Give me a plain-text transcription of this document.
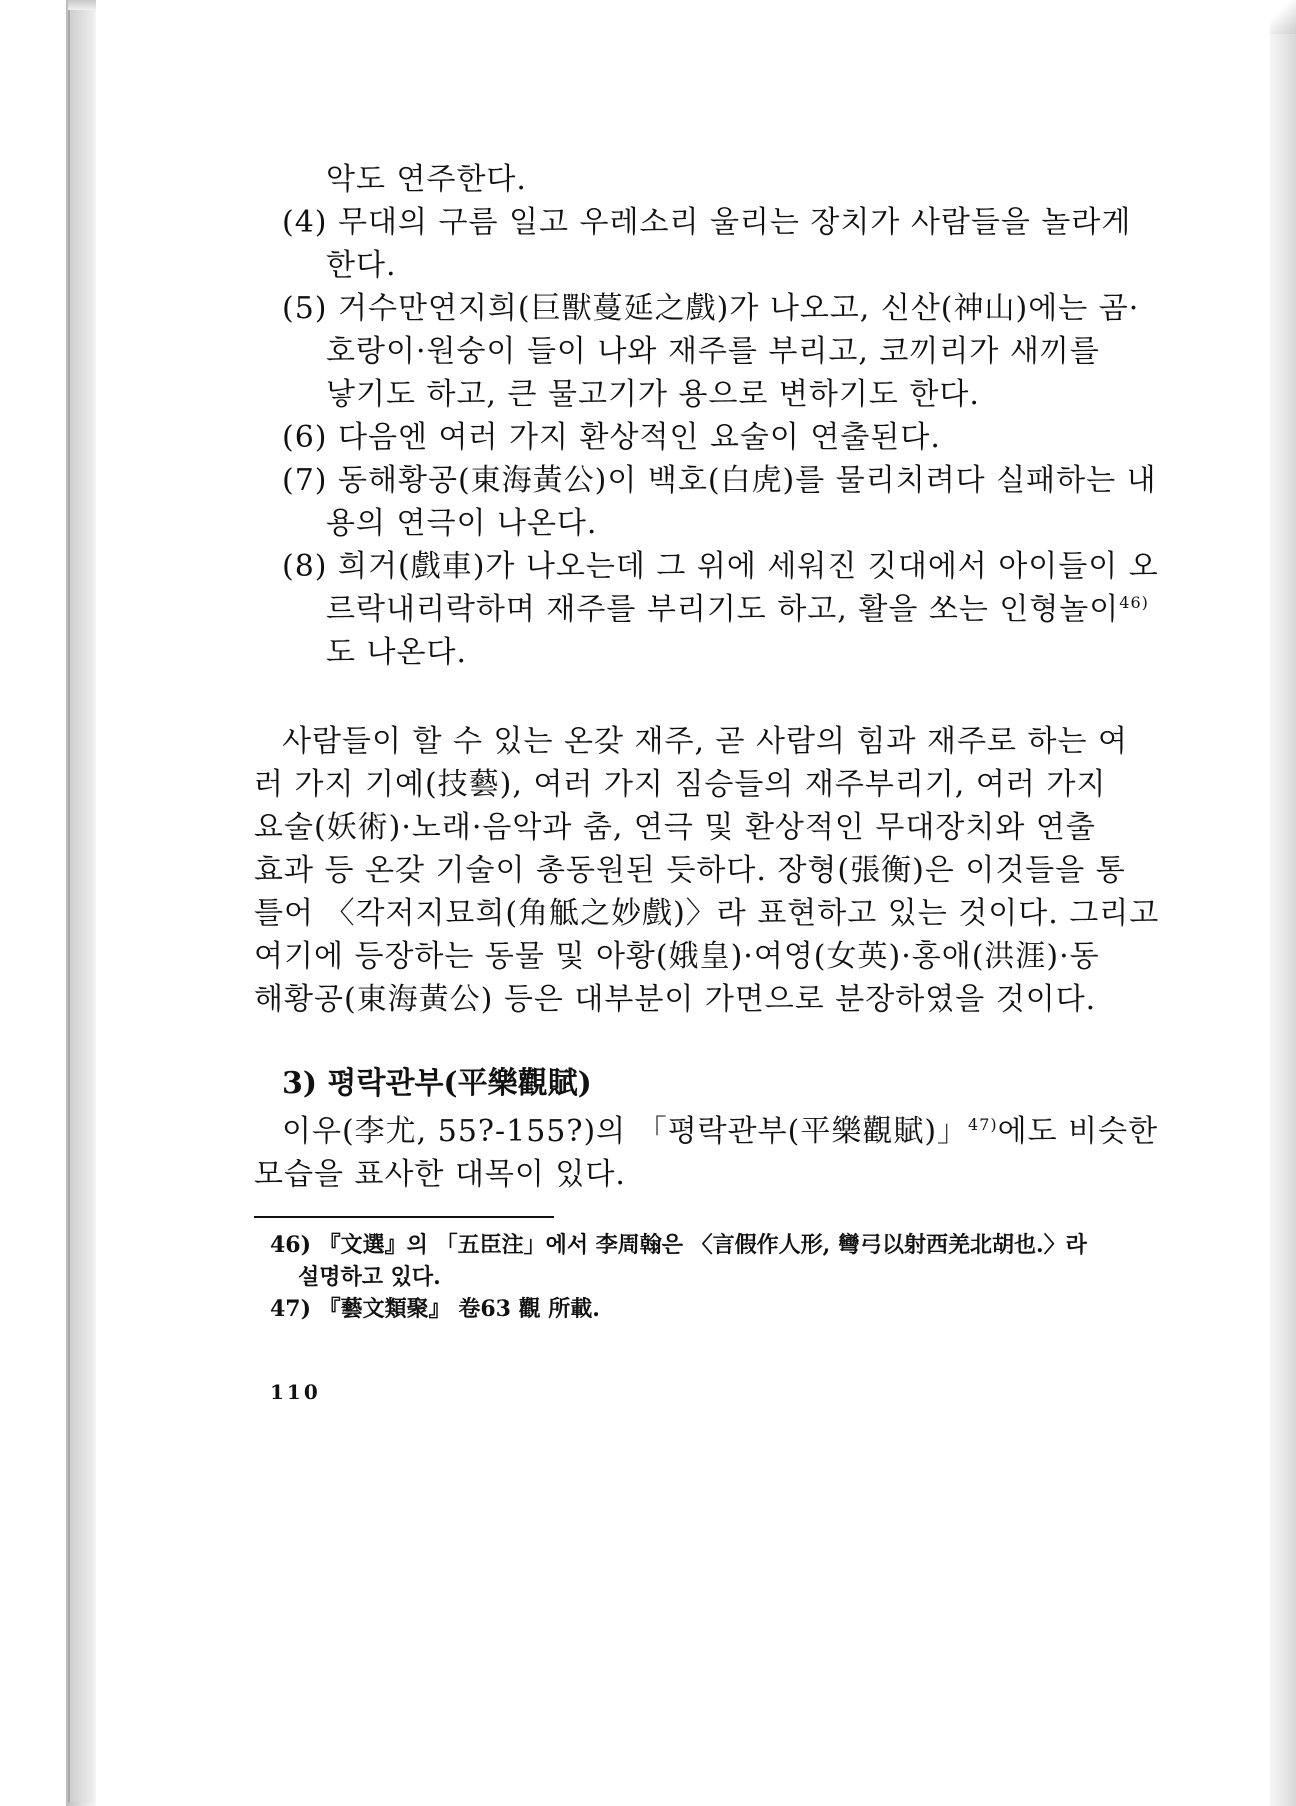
악도 연주한다.
(4) 무대의 구름 일고 우레소리 울리는 장치가 사람들을 놀라게
한다.
(5) 거수만연지희(巨獸蔓延之戲)가 나오고, 신산(神山)에는 곰·
호랑이·원숭이 들이 나와 재주를 부리고, 코끼리가 새끼를
낳기도 하고, 큰 물고기가 용으로 변하기도 한다.
(6) 다음엔 여러 가지 환상적인 요술이 연출된다.
(7) 동해황공(東海黃公)이 백호(白虎)를 물리치려다 실패하는 내
용의 연극이 나온다.
(8) 희거(戲車)가 나오는데 그 위에 세워진 깃대에서 아이들이 오
르락내리락하며 재주를 부리기도 하고, 활을 쏘는 인형놀이$^{46)}$
도 나온다.
사람들이 할 수 있는 온갖 재주, 곧 사람의 힘과 재주로 하는 여
러 가지 기예(技藝), 여러 가지 짐승들의 재주부리기, 여러 가지
요술(妖術)·노래·음악과 춤, 연극 및 환상적인 무대장치와 연출
효과 등 온갖 기술이 총동원된 듯하다. 장형(張衡)은 이것들을 통
틀어 〈각저지묘희(角觝之妙戲)〉라 표현하고 있는 것이다. 그리고
여기에 등장하는 동물 및 아황(娥皇)·여영(女英)·홍애(洪涯)·동
해황공(東海黃公) 등은 대부분이 가면으로 분장하였을 것이다.
3) 평락관부(平樂觀賦)
이우(李尤, 55?-155?)의 「평락관부(平樂觀賦)」$^{47)}$에도 비슷한
모습을 표사한 대목이 있다.
46) 『文選』의 「五臣注」에서 李周翰은 〈言假作人形, 彎弓以射西羌北胡也.〉라
설명하고 있다.
47) 『藝文類聚』 卷63 觀 所載.
110
